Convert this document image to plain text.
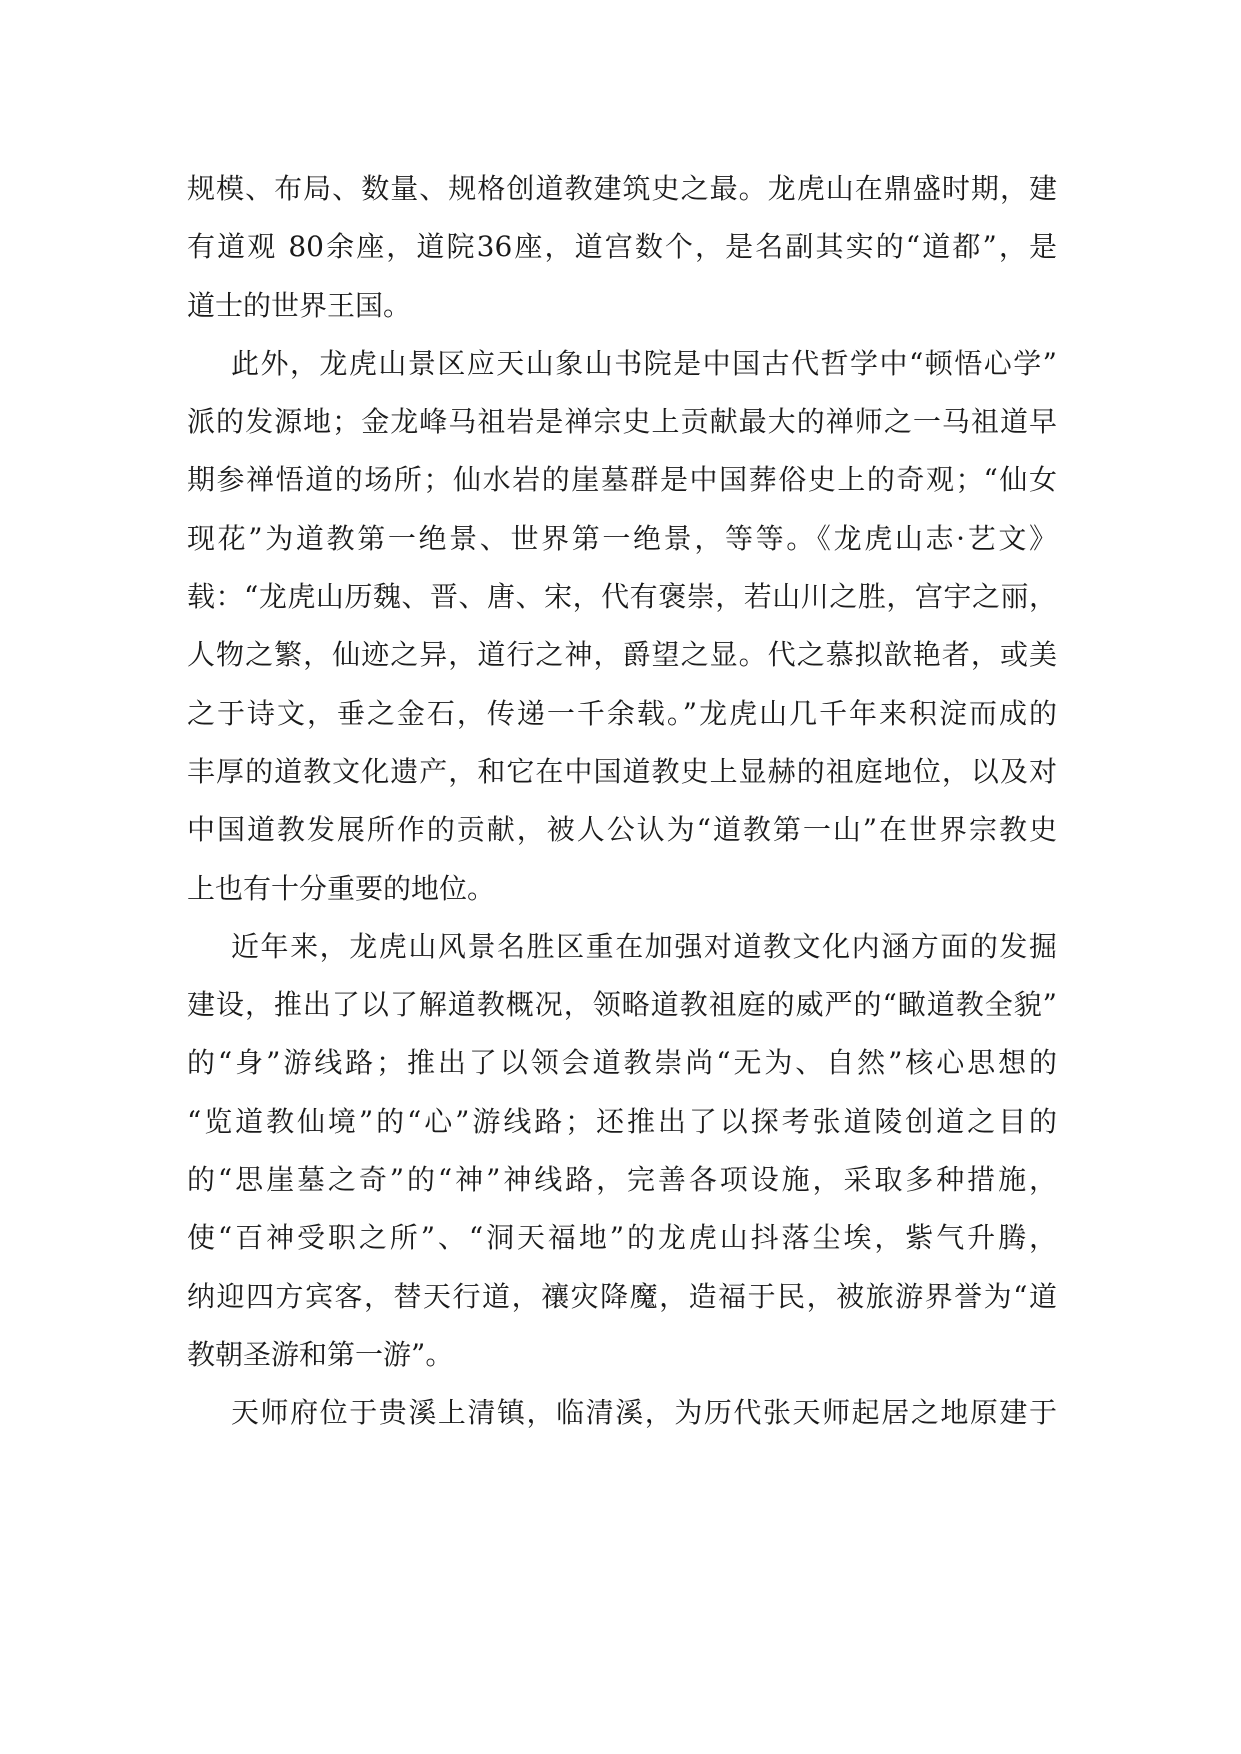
规模、布局、数量、规格创道教建筑史之最。龙虎山在鼎盛时期，建
有道观 80余座，道院36座，道宫数个，是名副其实的“道都”，是
道士的世界王国。
此外，龙虎山景区应天山象山书院是中国古代哲学中“顿悟心学”
派的发源地；金龙峰马祖岩是禅宗史上贡献最大的禅师之一马祖道早
期参禅悟道的场所；仙水岩的崖墓群是中国葬俗史上的奇观；“仙女
现花”为道教第一绝景、世界第一绝景，等等。《龙虎山志·艺文》
载：“龙虎山历魏、晋、唐、宋，代有褒崇，若山川之胜，宫宇之丽，
人物之繁，仙迹之异，道行之神，爵望之显。代之慕拟歆艳者，或美
之于诗文，垂之金石，传递一千余载。”龙虎山几千年来积淀而成的
丰厚的道教文化遗产，和它在中国道教史上显赫的祖庭地位，以及对
中国道教发展所作的贡献，被人公认为“道教第一山”在世界宗教史
上也有十分重要的地位。
近年来，龙虎山风景名胜区重在加强对道教文化内涵方面的发掘
建设，推出了以了解道教概况，领略道教祖庭的威严的“瞰道教全貌”
的“身”游线路；推出了以领会道教崇尚“无为、自然”核心思想的
“览道教仙境”的“心”游线路；还推出了以探考张道陵创道之目的
的“思崖墓之奇”的“神”神线路，完善各项设施，采取多种措施，
使“百神受职之所”、“洞天福地”的龙虎山抖落尘埃，紫气升腾，
纳迎四方宾客，替天行道，禳灾降魔，造福于民，被旅游界誉为“道
教朝圣游和第一游”。
天师府位于贵溪上清镇，临清溪，为历代张天师起居之地原建于
